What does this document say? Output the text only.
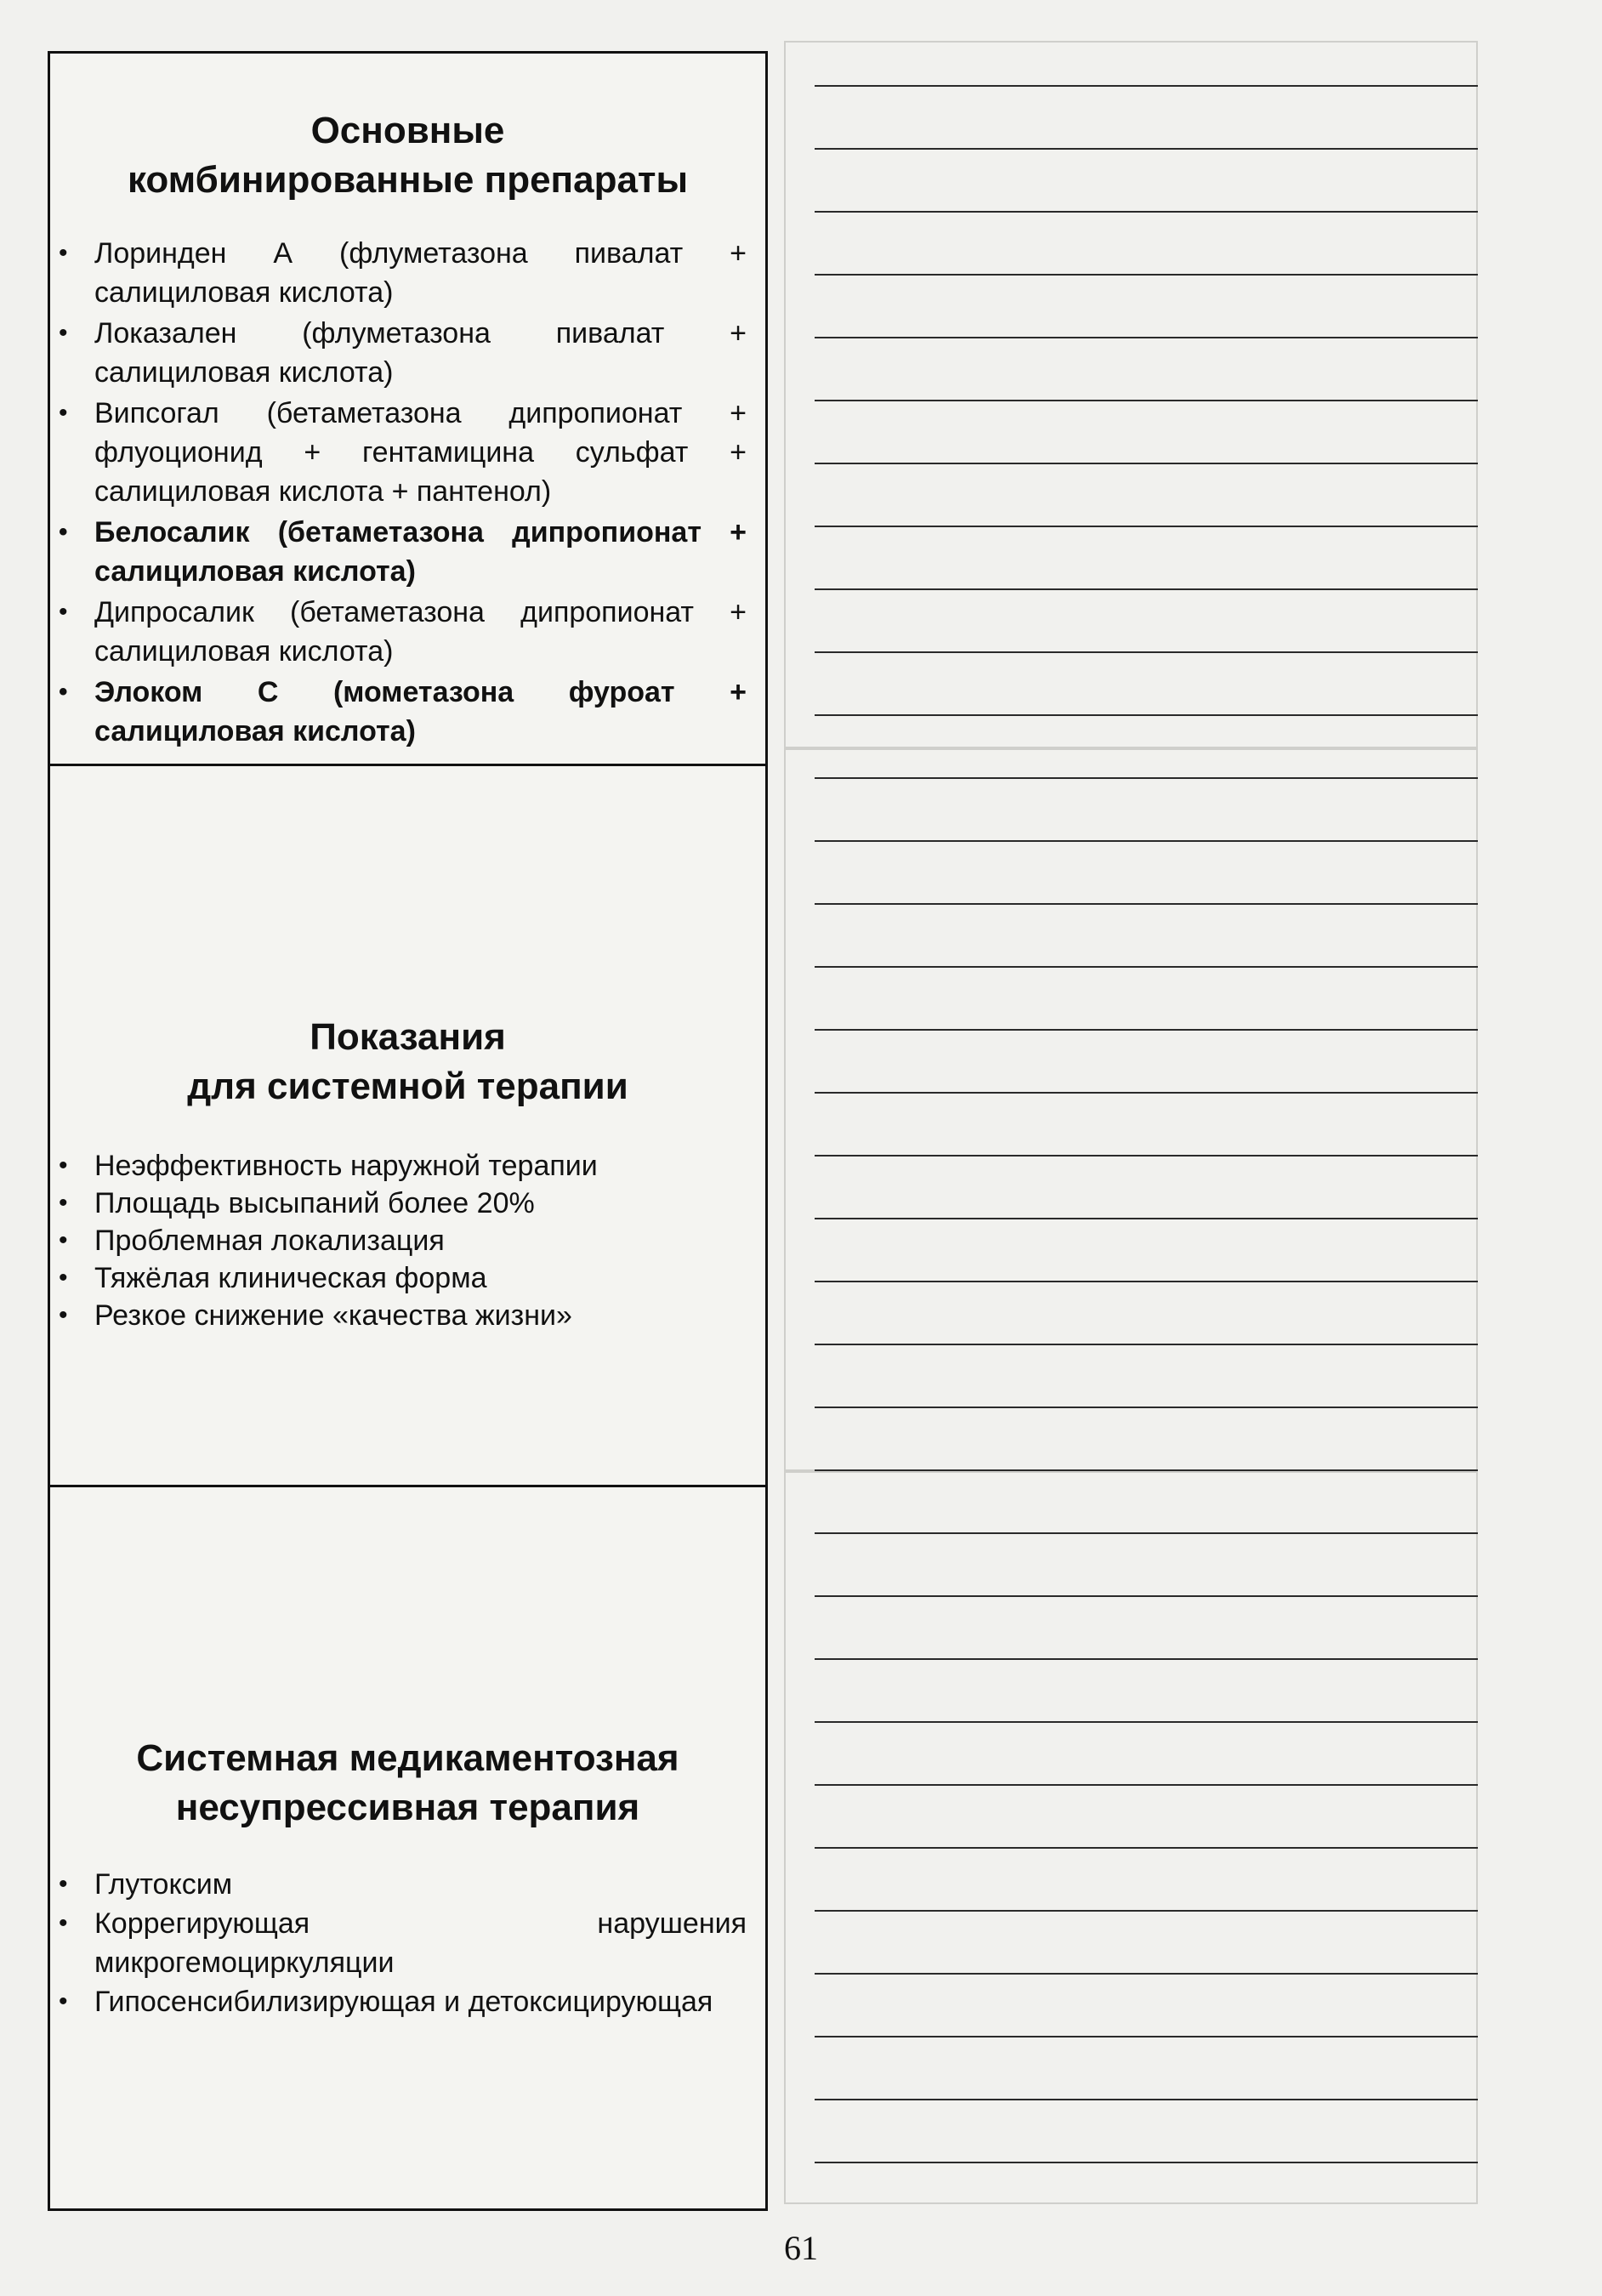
Основные
комбинированные препараты
• Лоринден А (флуметазона пивалат + салициловая кислота)
• Локазален (флуметазона пивалат + салициловая кислота)
• Випсогал (бетаметазона дипропионат + флуоционид + гентамицина сульфат + салициловая кислота + пантенол)
• Белосалик (бетаметазона дипропионат + салициловая кислота)
• Дипросалик (бетаметазона дипропионат + салициловая кислота)
• Элоком С (мометазона фуроат + салициловая кислота)
Показания
для системной терапии
• Неэффективность наружной терапии
• Площадь высыпаний более 20%
• Проблемная локализация
• Тяжёлая клиническая форма
• Резкое снижение «качества жизни»
Системная медикаментозная
несупрессивная терапия
• Глутоксим
• Коррегирующая нарушения микрогемоциркуляции
• Гипосенсибилизирующая и детоксицирующая
61
